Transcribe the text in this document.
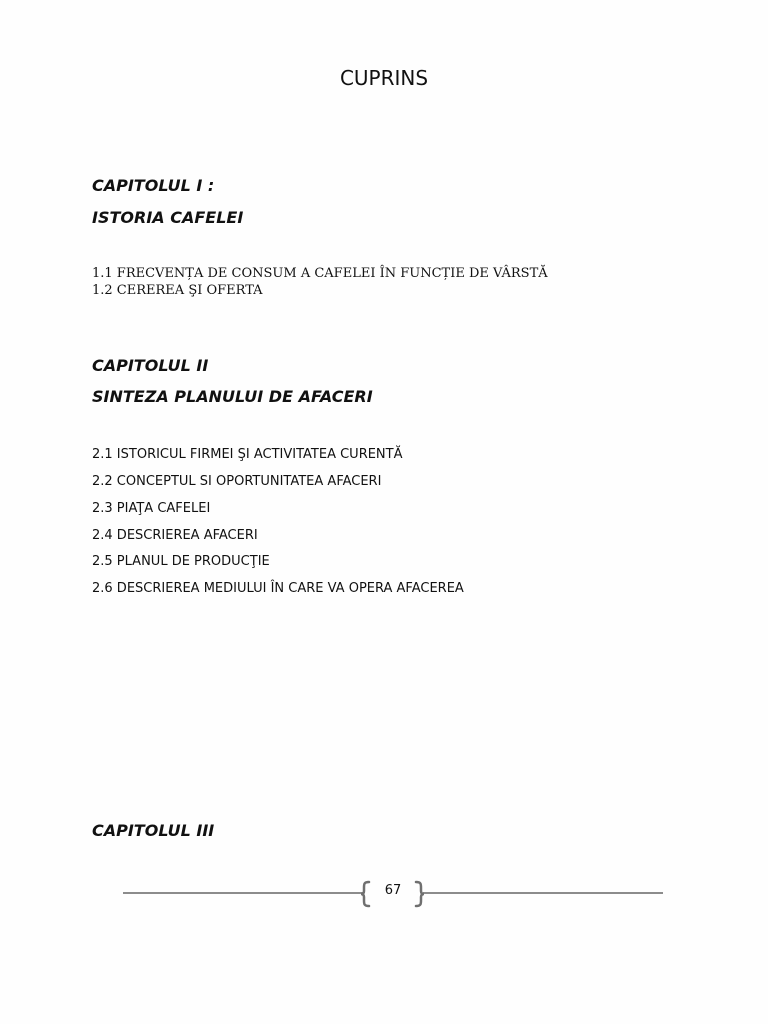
CUPRINS
CAPITOLUL I :
ISTORIA CAFELEI
1.1 FRECVENȚA DE CONSUM A CAFELEI ÎN FUNCȚIE DE VÂRSTĂ
1.2 CEREREA ŞI OFERTA
CAPITOLUL II
SINTEZA PLANULUI DE AFACERI
2.1 ISTORICUL FIRMEI ŞI ACTIVITATEA CURENTĂ
2.2 CONCEPTUL SI OPORTUNITATEA AFACERI
2.3 PIAŢA CAFELEI
2.4 DESCRIEREA AFACERI
2.5 PLANUL DE PRODUCŢIE
2.6 DESCRIEREA MEDIULUI ÎN CARE VA OPERA AFACEREA
CAPITOLUL III
67
